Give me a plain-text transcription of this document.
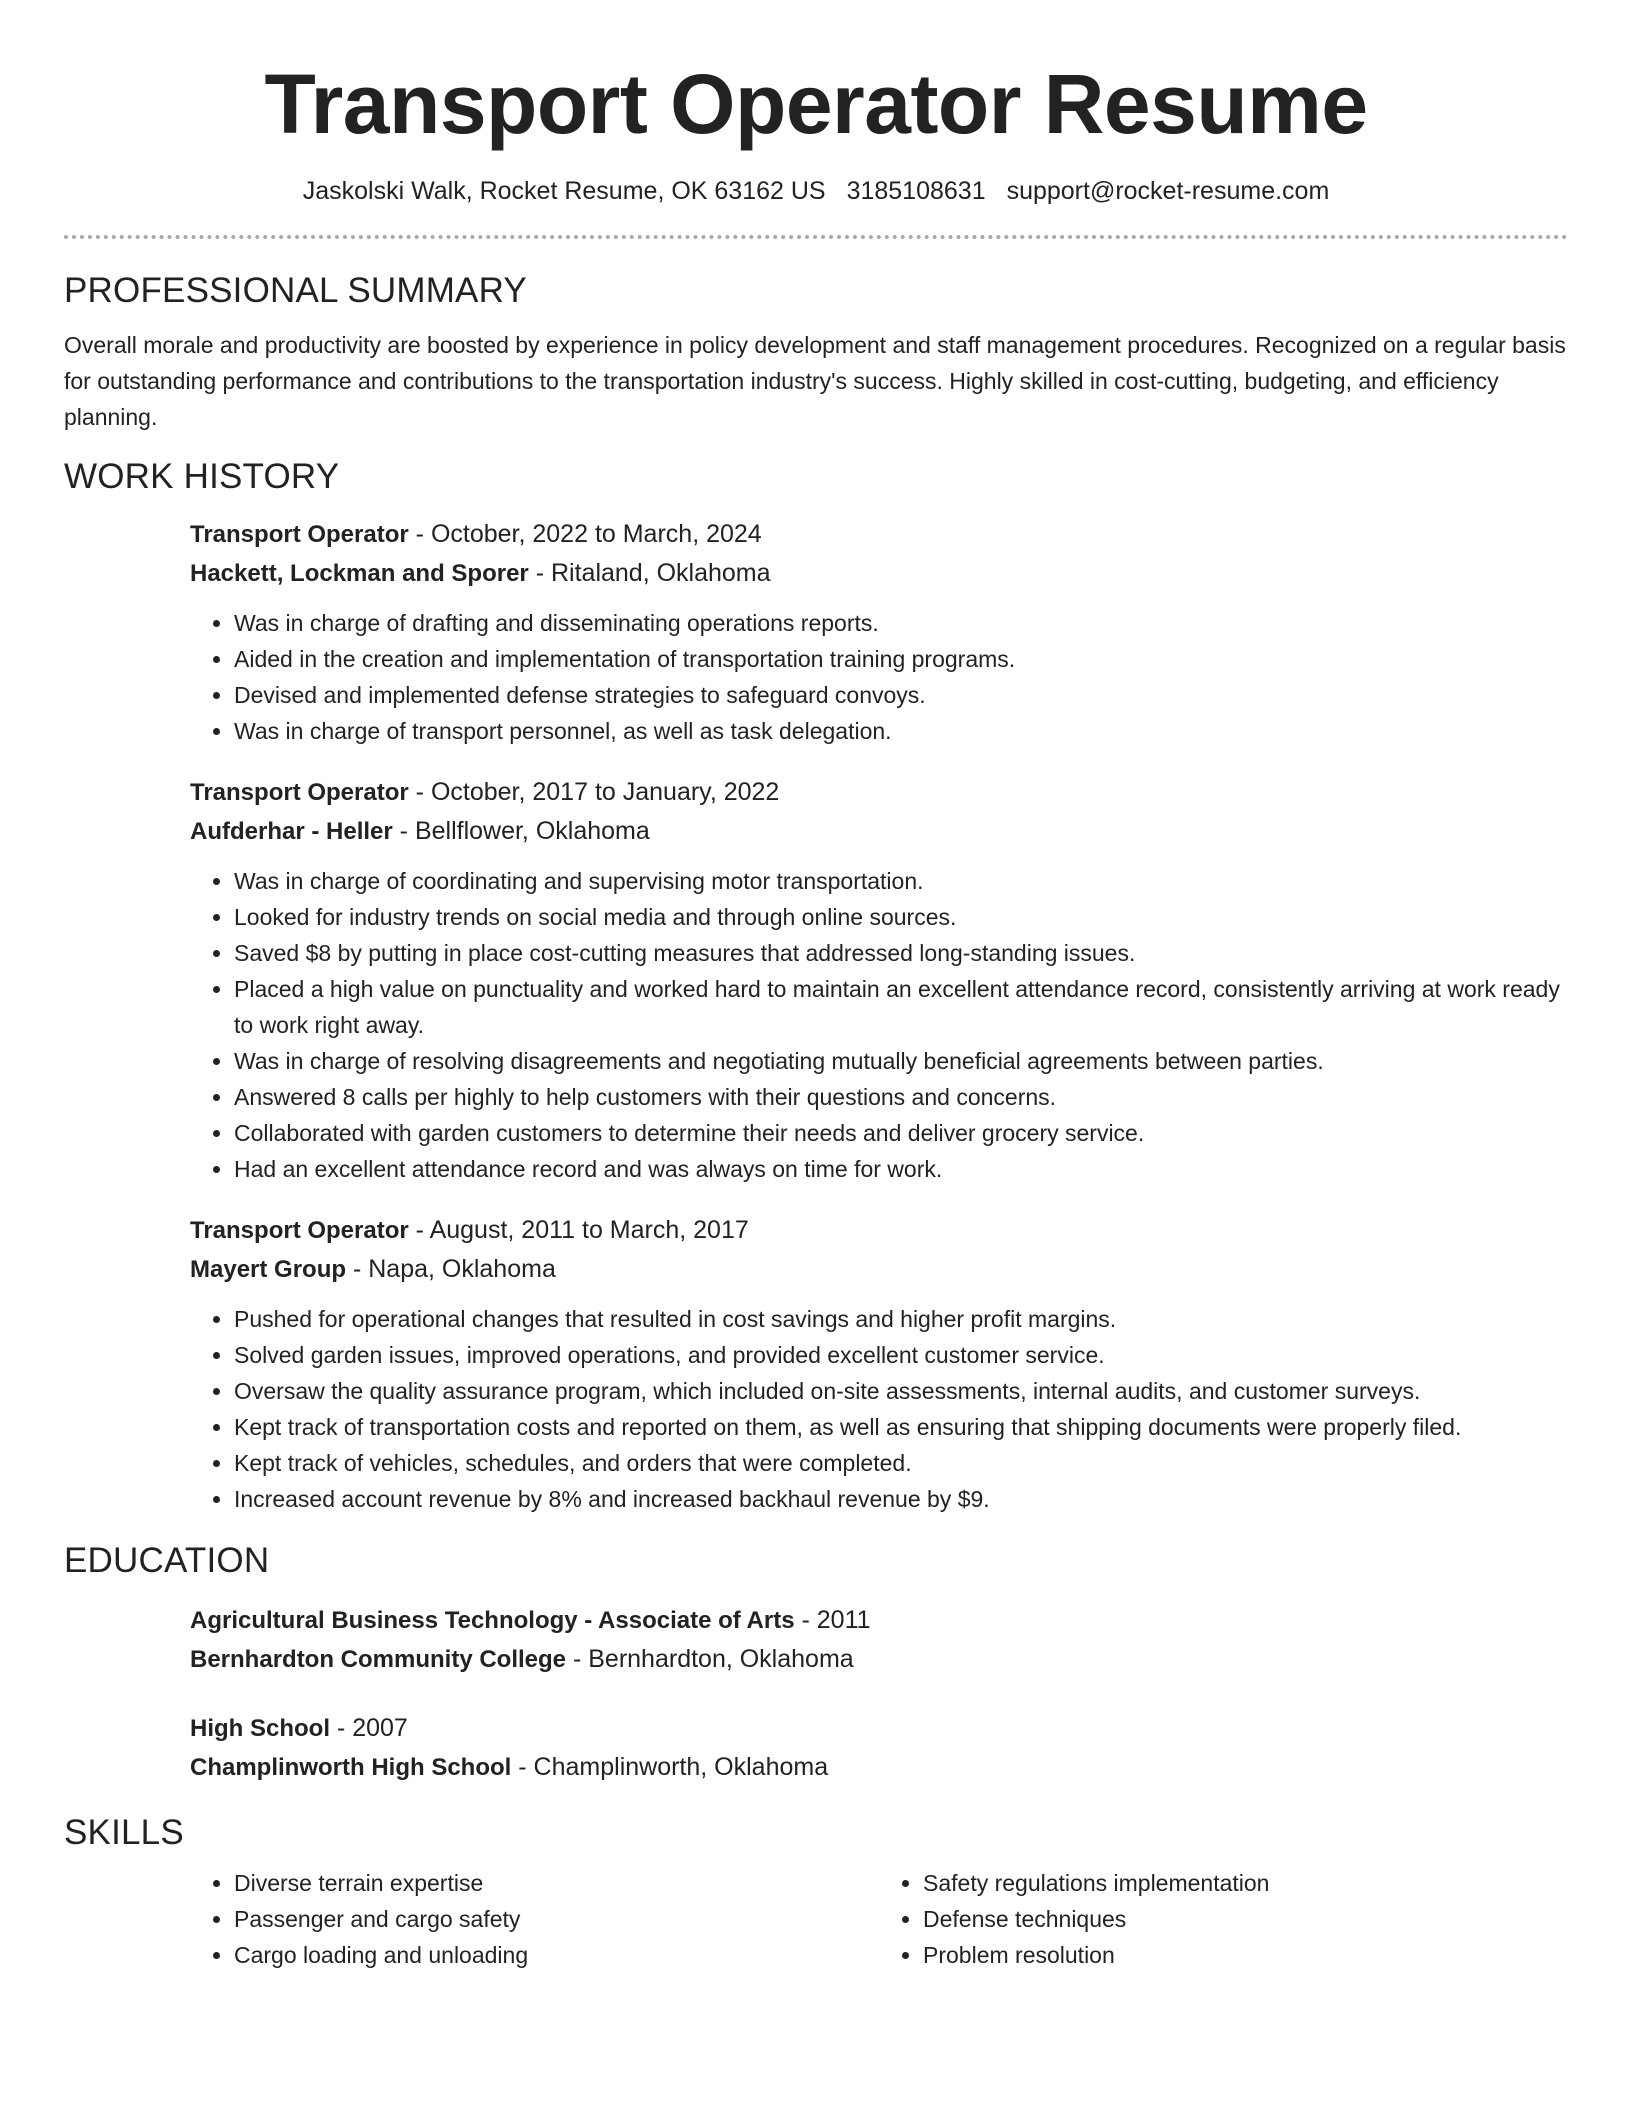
Transport Operator Resume
Jaskolski Walk, Rocket Resume, OK 63162 US 3185108631 support@rocket-resume.com
PROFESSIONAL SUMMARY

Overall morale and productivity are boosted by experience in policy development and staff management procedures. Recognized on a regular basis for outstanding performance and contributions to the transportation industry's success. Highly skilled in cost-cutting, budgeting, and efficiency planning.

WORK HISTORY
Transport Operator - October, 2022 to March, 2024
Hackett, Lockman and Sporer - Ritaland, Oklahoma
• Was in charge of drafting and disseminating operations reports.
• Aided in the creation and implementation of transportation training programs.
• Devised and implemented defense strategies to safeguard convoys.
• Was in charge of transport personnel, as well as task delegation.
Transport Operator - October, 2017 to January, 2022
Aufderhar - Heller - Bellflower, Oklahoma
• Was in charge of coordinating and supervising motor transportation.
• Looked for industry trends on social media and through online sources.
• Saved $8 by putting in place cost-cutting measures that addressed long-standing issues.
• Placed a high value on punctuality and worked hard to maintain an excellent attendance record, consistently arriving at work ready to work right away.
• Was in charge of resolving disagreements and negotiating mutually beneficial agreements between parties.
• Answered 8 calls per highly to help customers with their questions and concerns.
• Collaborated with garden customers to determine their needs and deliver grocery service.
• Had an excellent attendance record and was always on time for work.
Transport Operator - August, 2011 to March, 2017
Mayert Group - Napa, Oklahoma
• Pushed for operational changes that resulted in cost savings and higher profit margins.
• Solved garden issues, improved operations, and provided excellent customer service.
• Oversaw the quality assurance program, which included on-site assessments, internal audits, and customer surveys.
• Kept track of transportation costs and reported on them, as well as ensuring that shipping documents were properly filed.
• Kept track of vehicles, schedules, and orders that were completed.
• Increased account revenue by 8% and increased backhaul revenue by $9.
EDUCATION
Agricultural Business Technology - Associate of Arts - 2011
Bernhardton Community College - Bernhardton, Oklahoma
High School - 2007
Champlinworth High School - Champlinworth, Oklahoma
SKILLS
• Diverse terrain expertise
• Passenger and cargo safety
• Cargo loading and unloading
• Safety regulations implementation
• Defense techniques
• Problem resolution
